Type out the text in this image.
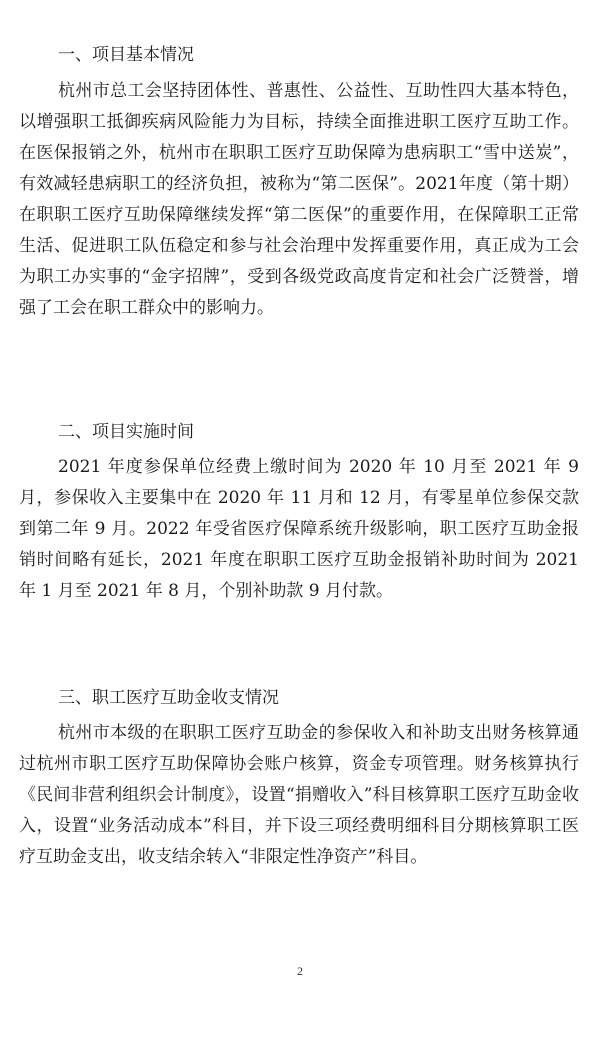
一、项目基本情况

杭州市总工会坚持团体性、普惠性、公益性、互助性四大基本特色，以增强职工抵御疾病风险能力为目标，持续全面推进职工医疗互助工作。在医保报销之外，杭州市在职职工医疗互助保障为患病职工“雪中送炭”，有效减轻患病职工的经济负担，被称为“第二医保”。2021年度（第十期）在职职工医疗互助保障继续发挥“第二医保”的重要作用，在保障职工正常生活、促进职工队伍稳定和参与社会治理中发挥重要作用，真正成为工会为职工办实事的“金字招牌”，受到各级党政高度肯定和社会广泛赞誉，增强了工会在职工群众中的影响力。

二、项目实施时间

2021 年度参保单位经费上缴时间为 2020 年 10 月至 2021 年 9 月，参保收入主要集中在 2020 年 11 月和 12 月，有零星单位参保交款到第二年 9 月。2022 年受省医疗保障系统升级影响，职工医疗互助金报销时间略有延长，2021 年度在职职工医疗互助金报销补助时间为 2021 年 1 月至 2021 年 8 月，个别补助款 9 月付款。

三、职工医疗互助金收支情况

杭州市本级的在职职工医疗互助金的参保收入和补助支出财务核算通过杭州市职工医疗互助保障协会账户核算，资金专项管理。财务核算执行《民间非营利组织会计制度》，设置“捐赠收入”科目核算职工医疗互助金收入，设置“业务活动成本”科目，并下设三项经费明细科目分期核算职工医疗互助金支出，收支结余转入“非限定性净资产”科目。

2
